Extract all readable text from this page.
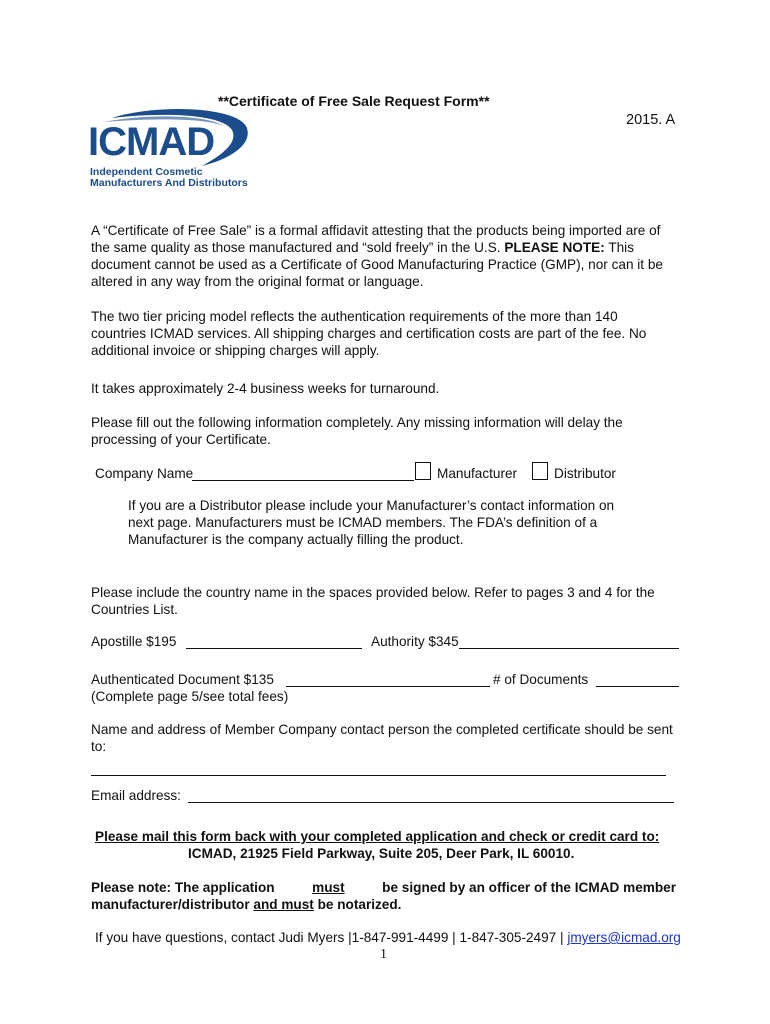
**Certificate of Free Sale Request Form**
2015. A
ICMAD
Independent Cosmetic
Manufacturers And Distributors
A “Certificate of Free Sale” is a formal affidavit attesting that the products being imported are of
the same quality as those manufactured and “sold freely” in the U.S. PLEASE NOTE: This
document cannot be used as a Certificate of Good Manufacturing Practice (GMP), nor can it be
altered in any way from the original format or language.
The two tier pricing model reflects the authentication requirements of the more than 140
countries ICMAD services. All shipping charges and certification costs are part of the fee. No
additional invoice or shipping charges will apply.
It takes approximately 2-4 business weeks for turnaround.
Please fill out the following information completely. Any missing information will delay the
processing of your Certificate.
Company Name	Manufacturer	Distributor
If you are a Distributor please include your Manufacturer’s contact information on
next page. Manufacturers must be ICMAD members. The FDA’s definition of a
Manufacturer is the company actually filling the product.
Please include the country name in the spaces provided below. Refer to pages 3 and 4 for the
Countries List.
Apostille $195	Authority $345
Authenticated Document $135	# of Documents
(Complete page 5/see total fees)
Name and address of Member Company contact person the completed certificate should be sent
to:
Email address:
Please mail this form back with your completed application and check or credit card to:
ICMAD, 21925 Field Parkway, Suite 205, Deer Park, IL 60010.
Please note: The application	must	be signed by an officer of the ICMAD member
manufacturer/distributor and must be notarized.
If you have questions, contact Judi Myers |1-847-991-4499 | 1-847-305-2497 | jmyers@icmad.org
1
